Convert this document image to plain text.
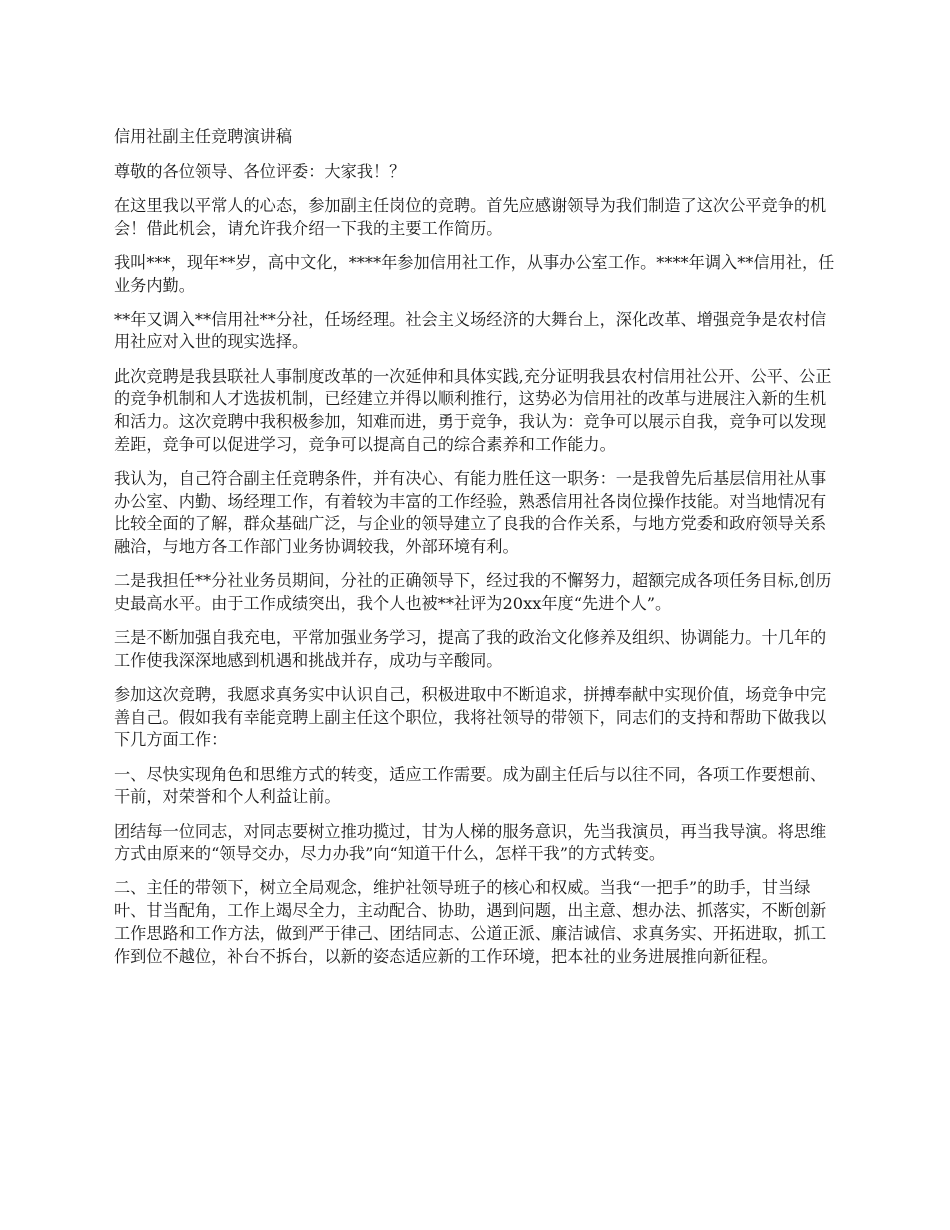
信用社副主任竞聘演讲稿

尊敬的各位领导、各位评委：大家我！？

在这里我以平常人的心态，参加副主任岗位的竞聘。首先应感谢领导为我们制造了这次公平竞争的机会！借此机会，请允许我介绍一下我的主要工作简历。

我叫***，现年**岁，高中文化，****年参加信用社工作，从事办公室工作。****年调入**信用社，任业务内勤。

**年又调入**信用社**分社，任场经理。社会主义场经济的大舞台上，深化改革、增强竞争是农村信用社应对入世的现实选择。

此次竞聘是我县联社人事制度改革的一次延伸和具体实践,充分证明我县农村信用社公开、公平、公正的竞争机制和人才选拔机制，已经建立并得以顺利推行，这势必为信用社的改革与进展注入新的生机和活力。这次竞聘中我积极参加，知难而进，勇于竞争，我认为：竞争可以展示自我，竞争可以发现差距，竞争可以促进学习，竞争可以提高自己的综合素养和工作能力。

我认为，自己符合副主任竞聘条件，并有决心、有能力胜任这一职务：一是我曾先后基层信用社从事办公室、内勤、场经理工作，有着较为丰富的工作经验，熟悉信用社各岗位操作技能。对当地情况有比较全面的了解，群众基础广泛，与企业的领导建立了良我的合作关系，与地方党委和政府领导关系融洽，与地方各工作部门业务协调较我，外部环境有利。

二是我担任**分社业务员期间，分社的正确领导下，经过我的不懈努力，超额完成各项任务目标,创历史最高水平。由于工作成绩突出，我个人也被**社评为20xx年度“先进个人”。

三是不断加强自我充电，平常加强业务学习，提高了我的政治文化修养及组织、协调能力。十几年的工作使我深深地感到机遇和挑战并存，成功与辛酸同。

参加这次竞聘，我愿求真务实中认识自己，积极进取中不断追求，拼搏奉献中实现价值，场竞争中完善自己。假如我有幸能竞聘上副主任这个职位，我将社领导的带领下，同志们的支持和帮助下做我以下几方面工作：

一、尽快实现角色和思维方式的转变，适应工作需要。成为副主任后与以往不同，各项工作要想前、干前，对荣誉和个人利益让前。

团结每一位同志，对同志要树立推功揽过，甘为人梯的服务意识，先当我演员，再当我导演。将思维方式由原来的“领导交办，尽力办我”向“知道干什么，怎样干我”的方式转变。

二、主任的带领下，树立全局观念，维护社领导班子的核心和权威。当我“一把手”的助手，甘当绿叶、甘当配角，工作上竭尽全力，主动配合、协助，遇到问题，出主意、想办法、抓落实，不断创新工作思路和工作方法，做到严于律己、团结同志、公道正派、廉洁诚信、求真务实、开拓进取，抓工作到位不越位，补台不拆台，以新的姿态适应新的工作环境，把本社的业务进展推向新征程。
